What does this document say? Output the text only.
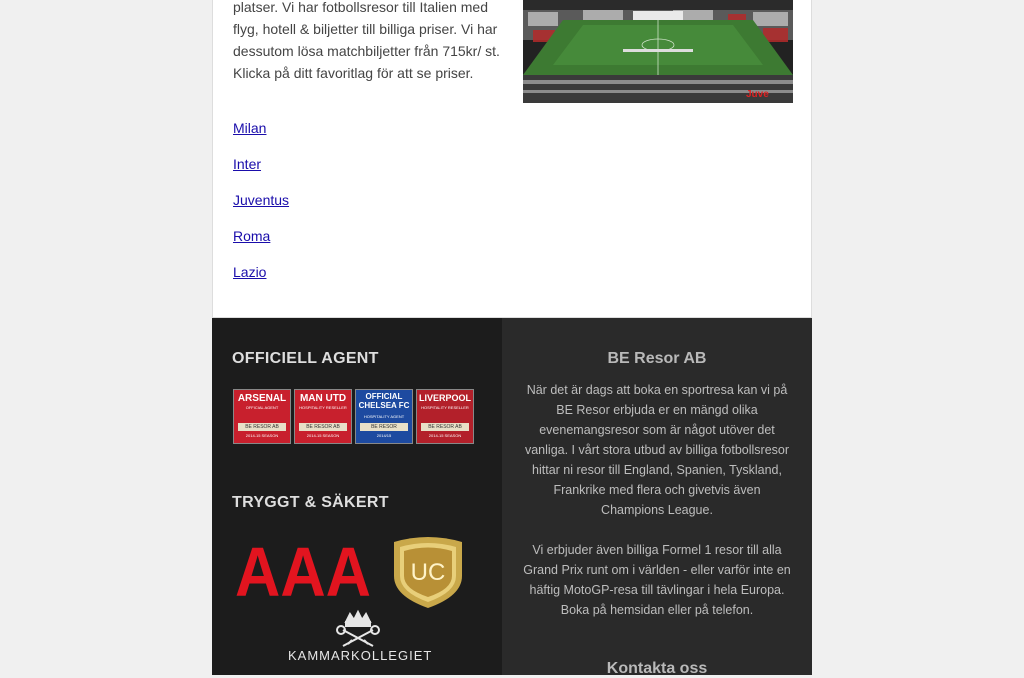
platser. Vi har fotbollsresor till Italien med
flyg, hotell & biljetter till billiga priser. Vi har
dessutom lösa matchbiljetter från 715kr/ st.
Klicka på ditt favoritlag för att se priser.
Juve
Milan
Inter
Juventus
Roma
Lazio
OFFICIELL AGENT
ARSENAL
OFFICIAL AGENT
BE RESOR AB
2014-15 SEASON
MAN UTD
HOSPITALITY RESELLER
BE RESOR AB
2014-15 SEASON
OFFICIAL CHELSEA FC
HOSPITALITY AGENT
BE RESOR
2014/15
LIVERPOOL
HOSPITALITY RESELLER
BE RESOR AB
2014-15 SEASON
TRYGGT & SÄKERT
AAA UC
KAMMARKOLLEGIET
BE Resor AB
När det är dags att boka en sportresa kan vi på BE Resor erbjuda er en mängd olika evenemangsresor som är något utöver det vanliga. I vårt stora utbud av billiga fotbollsresor hittar ni resor till England, Spanien, Tyskland, Frankrike med flera och givetvis även Champions League.
Vi erbjuder även billiga Formel 1 resor till alla Grand Prix runt om i världen - eller varför inte en häftig MotoGP-resa till tävlingar i hela Europa. Boka på hemsidan eller på telefon.
Kontakta oss
